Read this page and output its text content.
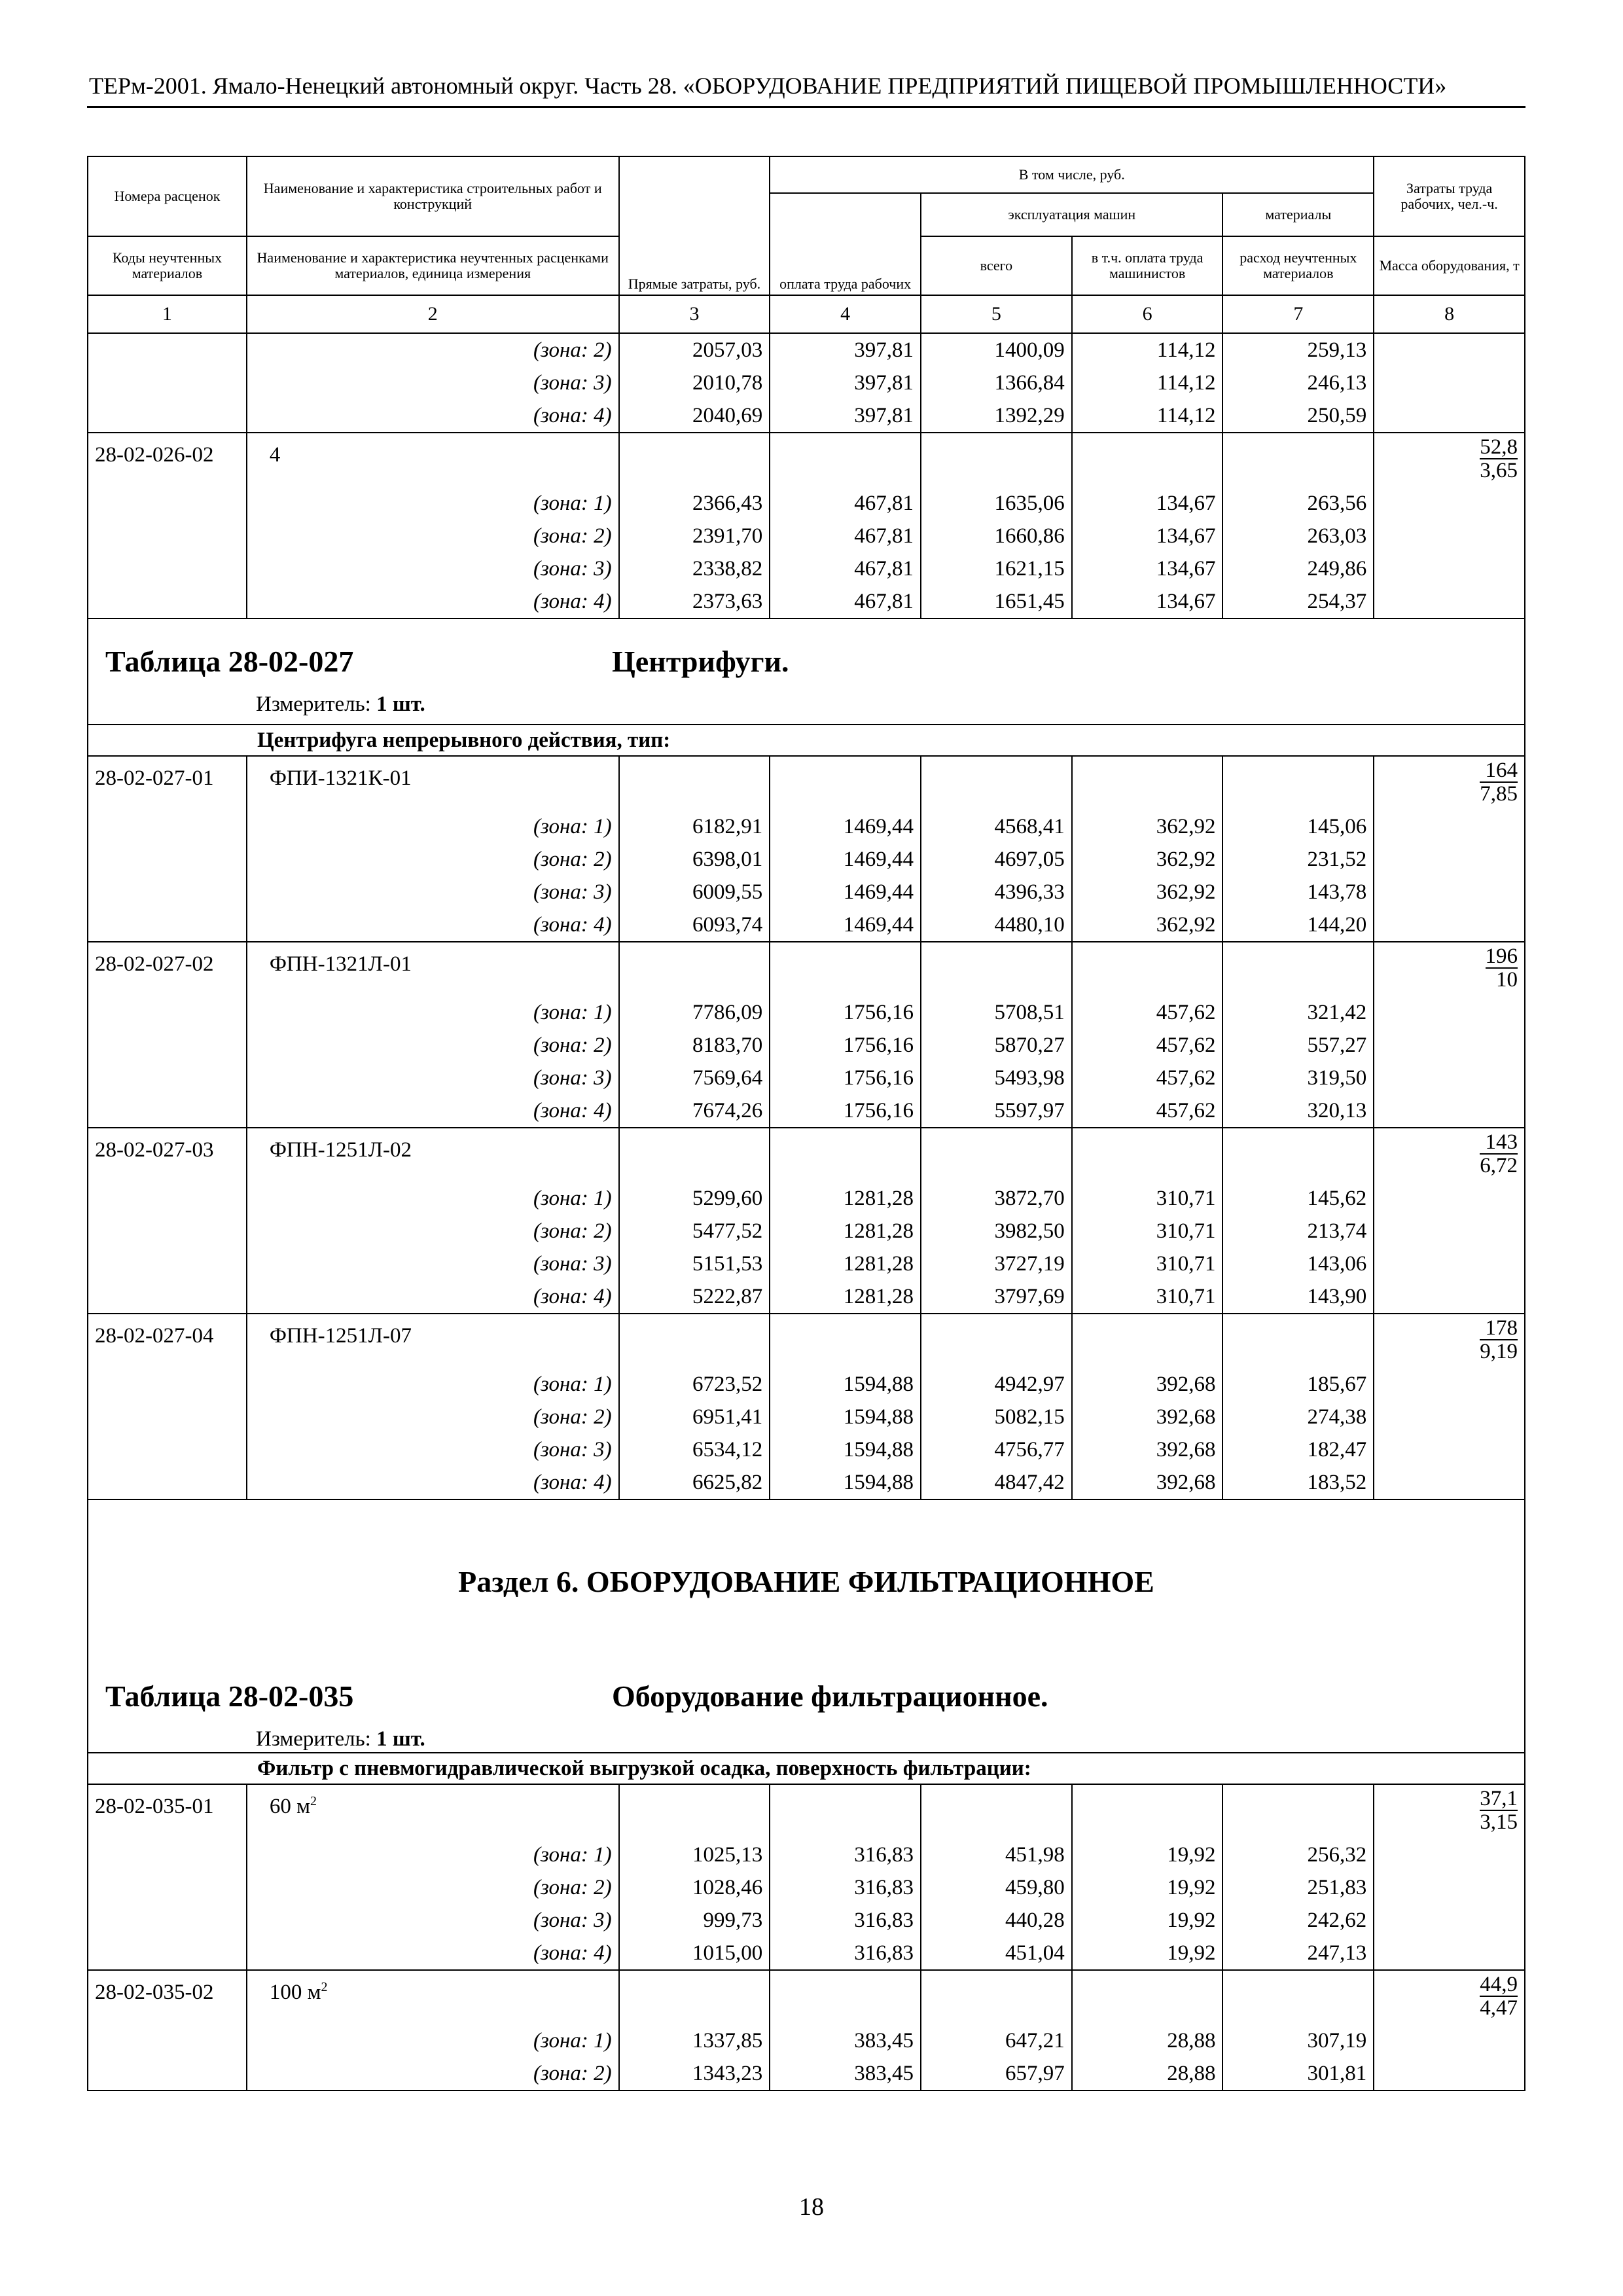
ТЕРм-2001. Ямало-Ненецкий автономный округ. Часть 28. «ОБОРУДОВАНИЕ ПРЕДПРИЯТИЙ ПИЩЕВОЙ ПРОМЫШЛЕННОСТИ»
Номера расценок	Наименование и характеристика строительных работ и конструкций	Прямые затраты, руб.	В том числе, руб.				Затраты труда рабочих, чел.-ч.
			оплата труда рабочих	эксплуатация машин		материалы	
Коды неучтенных материалов	Наименование и характеристика неучтенных расценками материалов, единица измерения			всего	в т.ч. оплата труда машинистов	расход неучтенных материалов	Масса оборудования, т
1	2	3	4	5	6	7	8
	(зона: 2)	2057,03	397,81	1400,09	114,12	259,13	
	(зона: 3)	2010,78	397,81	1366,84	114,12	246,13	
	(зона: 4)	2040,69	397,81	1392,29	114,12	250,59	
28-02-026-02	4						$\frac{52,8}{3,65}$

	(зона: 1)	2366,43	467,81	1635,06	134,67	263,56	
	(зона: 2)	2391,70	467,81	1660,86	134,67	263,03	
	(зона: 3)	2338,82	467,81	1621,15	134,67	249,86	
	(зона: 4)	2373,63	467,81	1651,45	134,67	254,37	

Таблица 28-02-027 Центрифуги.
Измеритель: 1 шт.							

Центрифуга непрерывного действия, тип:							
28-02-027-01	ФПИ-1321К-01						$\frac{164}{7,85}$

	(зона: 1)	6182,91	1469,44	4568,41	362,92	145,06	
	(зона: 2)	6398,01	1469,44	4697,05	362,92	231,52	
	(зона: 3)	6009,55	1469,44	4396,33	362,92	143,78	
	(зона: 4)	6093,74	1469,44	4480,10	362,92	144,20	
28-02-027-02	ФПН-1321Л-01						$\frac{196}{10}$

	(зона: 1)	7786,09	1756,16	5708,51	457,62	321,42	
	(зона: 2)	8183,70	1756,16	5870,27	457,62	557,27	
	(зона: 3)	7569,64	1756,16	5493,98	457,62	319,50	
	(зона: 4)	7674,26	1756,16	5597,97	457,62	320,13	
28-02-027-03	ФПН-1251Л-02						$\frac{143}{6,72}$

	(зона: 1)	5299,60	1281,28	3872,70	310,71	145,62	
	(зона: 2)	5477,52	1281,28	3982,50	310,71	213,74	
	(зона: 3)	5151,53	1281,28	3727,19	310,71	143,06	
	(зона: 4)	5222,87	1281,28	3797,69	310,71	143,90	
28-02-027-04	ФПН-1251Л-07						$\frac{178}{9,19}$

	(зона: 1)	6723,52	1594,88	4942,97	392,68	185,67	
	(зона: 2)	6951,41	1594,88	5082,15	392,68	274,38	
	(зона: 3)	6534,12	1594,88	4756,77	392,68	182,47	
	(зона: 4)	6625,82	1594,88	4847,42	392,68	183,52	

Раздел 6. ОБОРУДОВАНИЕ ФИЛЬТРАЦИОННОЕ
Таблица 28-02-035 Оборудование фильтрационное.
Измеритель: 1 шт.							

Фильтр с пневмогидравлической выгрузкой осадка, поверхность фильтрации:							
28-02-035-01	60 $м^2$						$\frac{37,1}{3,15}$

	(зона: 1)	1025,13	316,83	451,98	19,92	256,32	
	(зона: 2)	1028,46	316,83	459,80	19,92	251,83	
	(зона: 3)	999,73	316,83	440,28	19,92	242,62	
	(зона: 4)	1015,00	316,83	451,04	19,92	247,13	
28-02-035-02	100 $м^2$						$\frac{44,9}{4,47}$

	(зона: 1)	1337,85	383,45	647,21	28,88	307,19	
	(зона: 2)	1343,23	383,45	657,97	28,88	301,81	
18
